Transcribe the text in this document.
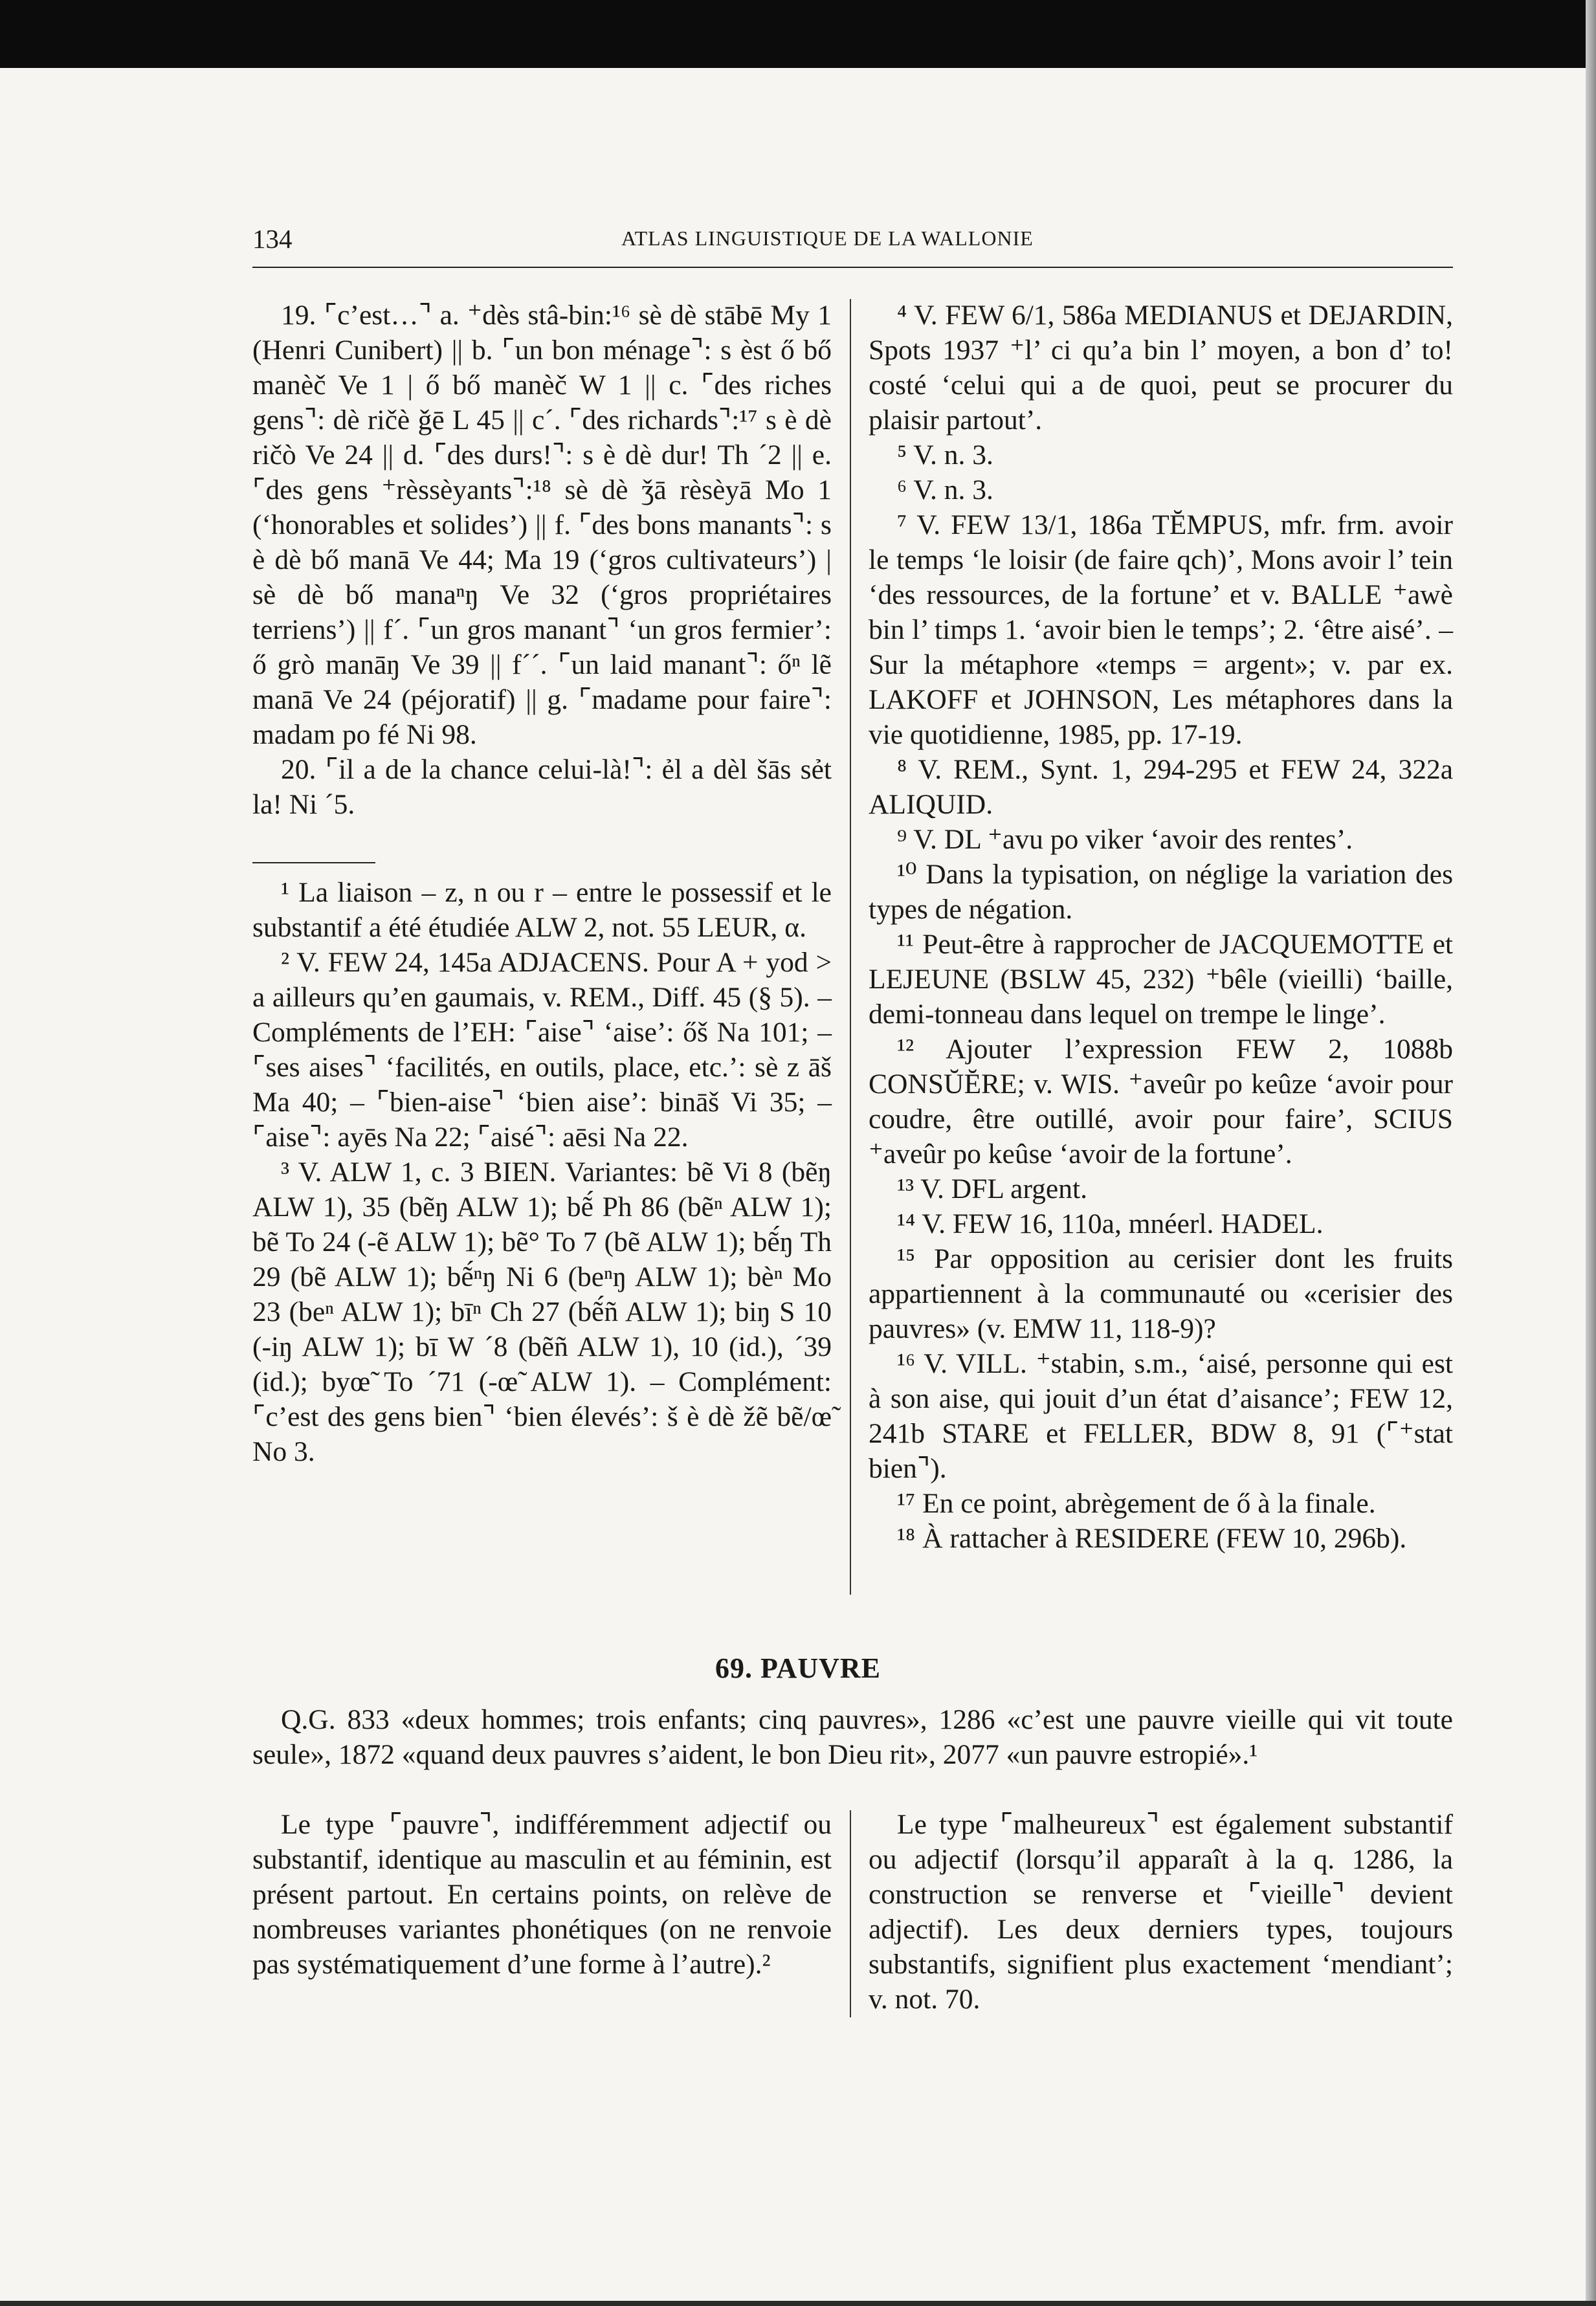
134	ATLAS LINGUISTIQUE DE LA WALLONIE

19. ⌜c’est…⌝ a. ⁺dès stâ-bin:¹⁶ sè dè stābē My 1 (Henri Cunibert) || b. ⌜un bon ménage⌝: s èst ő bő manèč Ve 1 | ő bő manèč W 1 || c. ⌜des riches gens⌝: dè ričè ǧē L 45 || c´. ⌜des richards⌝:¹⁷ s è dè ričò Ve 24 || d. ⌜des durs!⌝: s è dè dur! Th ´2 || e. ⌜des gens ⁺rèssèyants⌝:¹⁸ sè dè ǯā rèsèyā Mo 1 (‘honorables et solides’) || f. ⌜des bons manants⌝: s è dè bő manā Ve 44; Ma 19 (‘gros cultivateurs’) | sè dè bő manaⁿŋ Ve 32 (‘gros propriétaires terriens’) || f´. ⌜un gros manant⌝ ‘un gros fermier’: ő grò manāŋ Ve 39 || f´´. ⌜un laid manant⌝: őⁿ lẽ manā Ve 24 (péjoratif) || g. ⌜madame pour faire⌝: madam po fé Ni 98.

20. ⌜il a de la chance celui-là!⌝: ẻl a dèl šās sẻt la! Ni ´5.

¹ La liaison – z, n ou r – entre le possessif et le substantif a été étudiée ALW 2, not. 55 LEUR, α.

² V. FEW 24, 145a ADJACENS. Pour A + yod > a ailleurs qu’en gaumais, v. REM., Diff. 45 (§ 5). – Compléments de l’EH: ⌜aise⌝ ‘aise’: őš Na 101; – ⌜ses aises⌝ ‘facilités, en outils, place, etc.’: sè z āš Ma 40; – ⌜bien-aise⌝ ‘bien aise’: bināš Vi 35; – ⌜aise⌝: ayēs Na 22; ⌜aisé⌝: aēsi Na 22.

³ V. ALW 1, c. 3 BIEN. Variantes: bẽ Vi 8 (bẽŋ ALW 1), 35 (bẽŋ ALW 1); bẽ́ Ph 86 (bẽⁿ ALW 1); bẽ To 24 (-ẽ ALW 1); bẽ° To 7 (bẽ ALW 1); bẽ́ŋ Th 29 (bẽ ALW 1); bẽ́ⁿŋ Ni 6 (beⁿŋ ALW 1); bèⁿ Mo 23 (beⁿ ALW 1); bīⁿ Ch 27 (bẽ́ñ ALW 1); biŋ S 10 (-iŋ ALW 1); bī W ´8 (bẽñ ALW 1), 10 (id.), ´39 (id.); byœ̃ To ´71 (-œ̃ ALW 1). – Complément: ⌜c’est des gens bien⌝ ‘bien élevés’: š è dè žẽ bẽ/œ̃ No 3.

⁴ V. FEW 6/1, 586a MEDIANUS et DEJARDIN, Spots 1937 ⁺l’ ci qu’a bin l’ moyen, a bon d’ to! costé ‘celui qui a de quoi, peut se procurer du plaisir partout’.

⁵ V. n. 3.

⁶ V. n. 3.

⁷ V. FEW 13/1, 186a TĔMPUS, mfr. frm. avoir le temps ‘le loisir (de faire qch)’, Mons avoir l’ tein ‘des ressources, de la fortune’ et v. BALLE ⁺awè bin l’ timps 1. ‘avoir bien le temps’; 2. ‘être aisé’. – Sur la métaphore «temps = argent»; v. par ex. LAKOFF et JOHNSON, Les métaphores dans la vie quotidienne, 1985, pp. 17-19.

⁸ V. REM., Synt. 1, 294-295 et FEW 24, 322a ALIQUID.

⁹ V. DL ⁺avu po viker ‘avoir des rentes’.

¹⁰ Dans la typisation, on néglige la variation des types de négation.

¹¹ Peut-être à rapprocher de JACQUEMOTTE et LEJEUNE (BSLW 45, 232) ⁺bêle (vieilli) ‘baille, demi-tonneau dans lequel on trempe le linge’.

¹² Ajouter l’expression FEW 2, 1088b CONSŬĔRE; v. WIS. ⁺aveûr po keûze ‘avoir pour coudre, être outillé, avoir pour faire’, SCIUS ⁺aveûr po keûse ‘avoir de la fortune’.

¹³ V. DFL argent.

¹⁴ V. FEW 16, 110a, mnéerl. HADEL.

¹⁵ Par opposition au cerisier dont les fruits appartiennent à la communauté ou «cerisier des pauvres» (v. EMW 11, 118-9)?

¹⁶ V. VILL. ⁺stabin, s.m., ‘aisé, personne qui est à son aise, qui jouit d’un état d’aisance’; FEW 12, 241b STARE et FELLER, BDW 8, 91 (⌜⁺stat bien⌝).

¹⁷ En ce point, abrègement de ő à la finale.

¹⁸ À rattacher à RESIDERE (FEW 10, 296b).

69. PAUVRE
Q.G. 833 «deux hommes; trois enfants; cinq pauvres», 1286 «c’est une pauvre vieille qui vit toute seule», 1872 «quand deux pauvres s’aident, le bon Dieu rit», 2077 «un pauvre estropié».¹

Le type ⌜pauvre⌝, indifféremment adjectif ou substantif, identique au masculin et au féminin, est présent partout. En certains points, on relève de nombreuses variantes phonétiques (on ne renvoie pas systématiquement d’une forme à l’autre).²

Le type ⌜malheureux⌝ est également substantif ou adjectif (lorsqu’il apparaît à la q. 1286, la construction se renverse et ⌜vieille⌝ devient adjectif). Les deux derniers types, toujours substantifs, signifient plus exactement ‘mendiant’; v. not. 70.
